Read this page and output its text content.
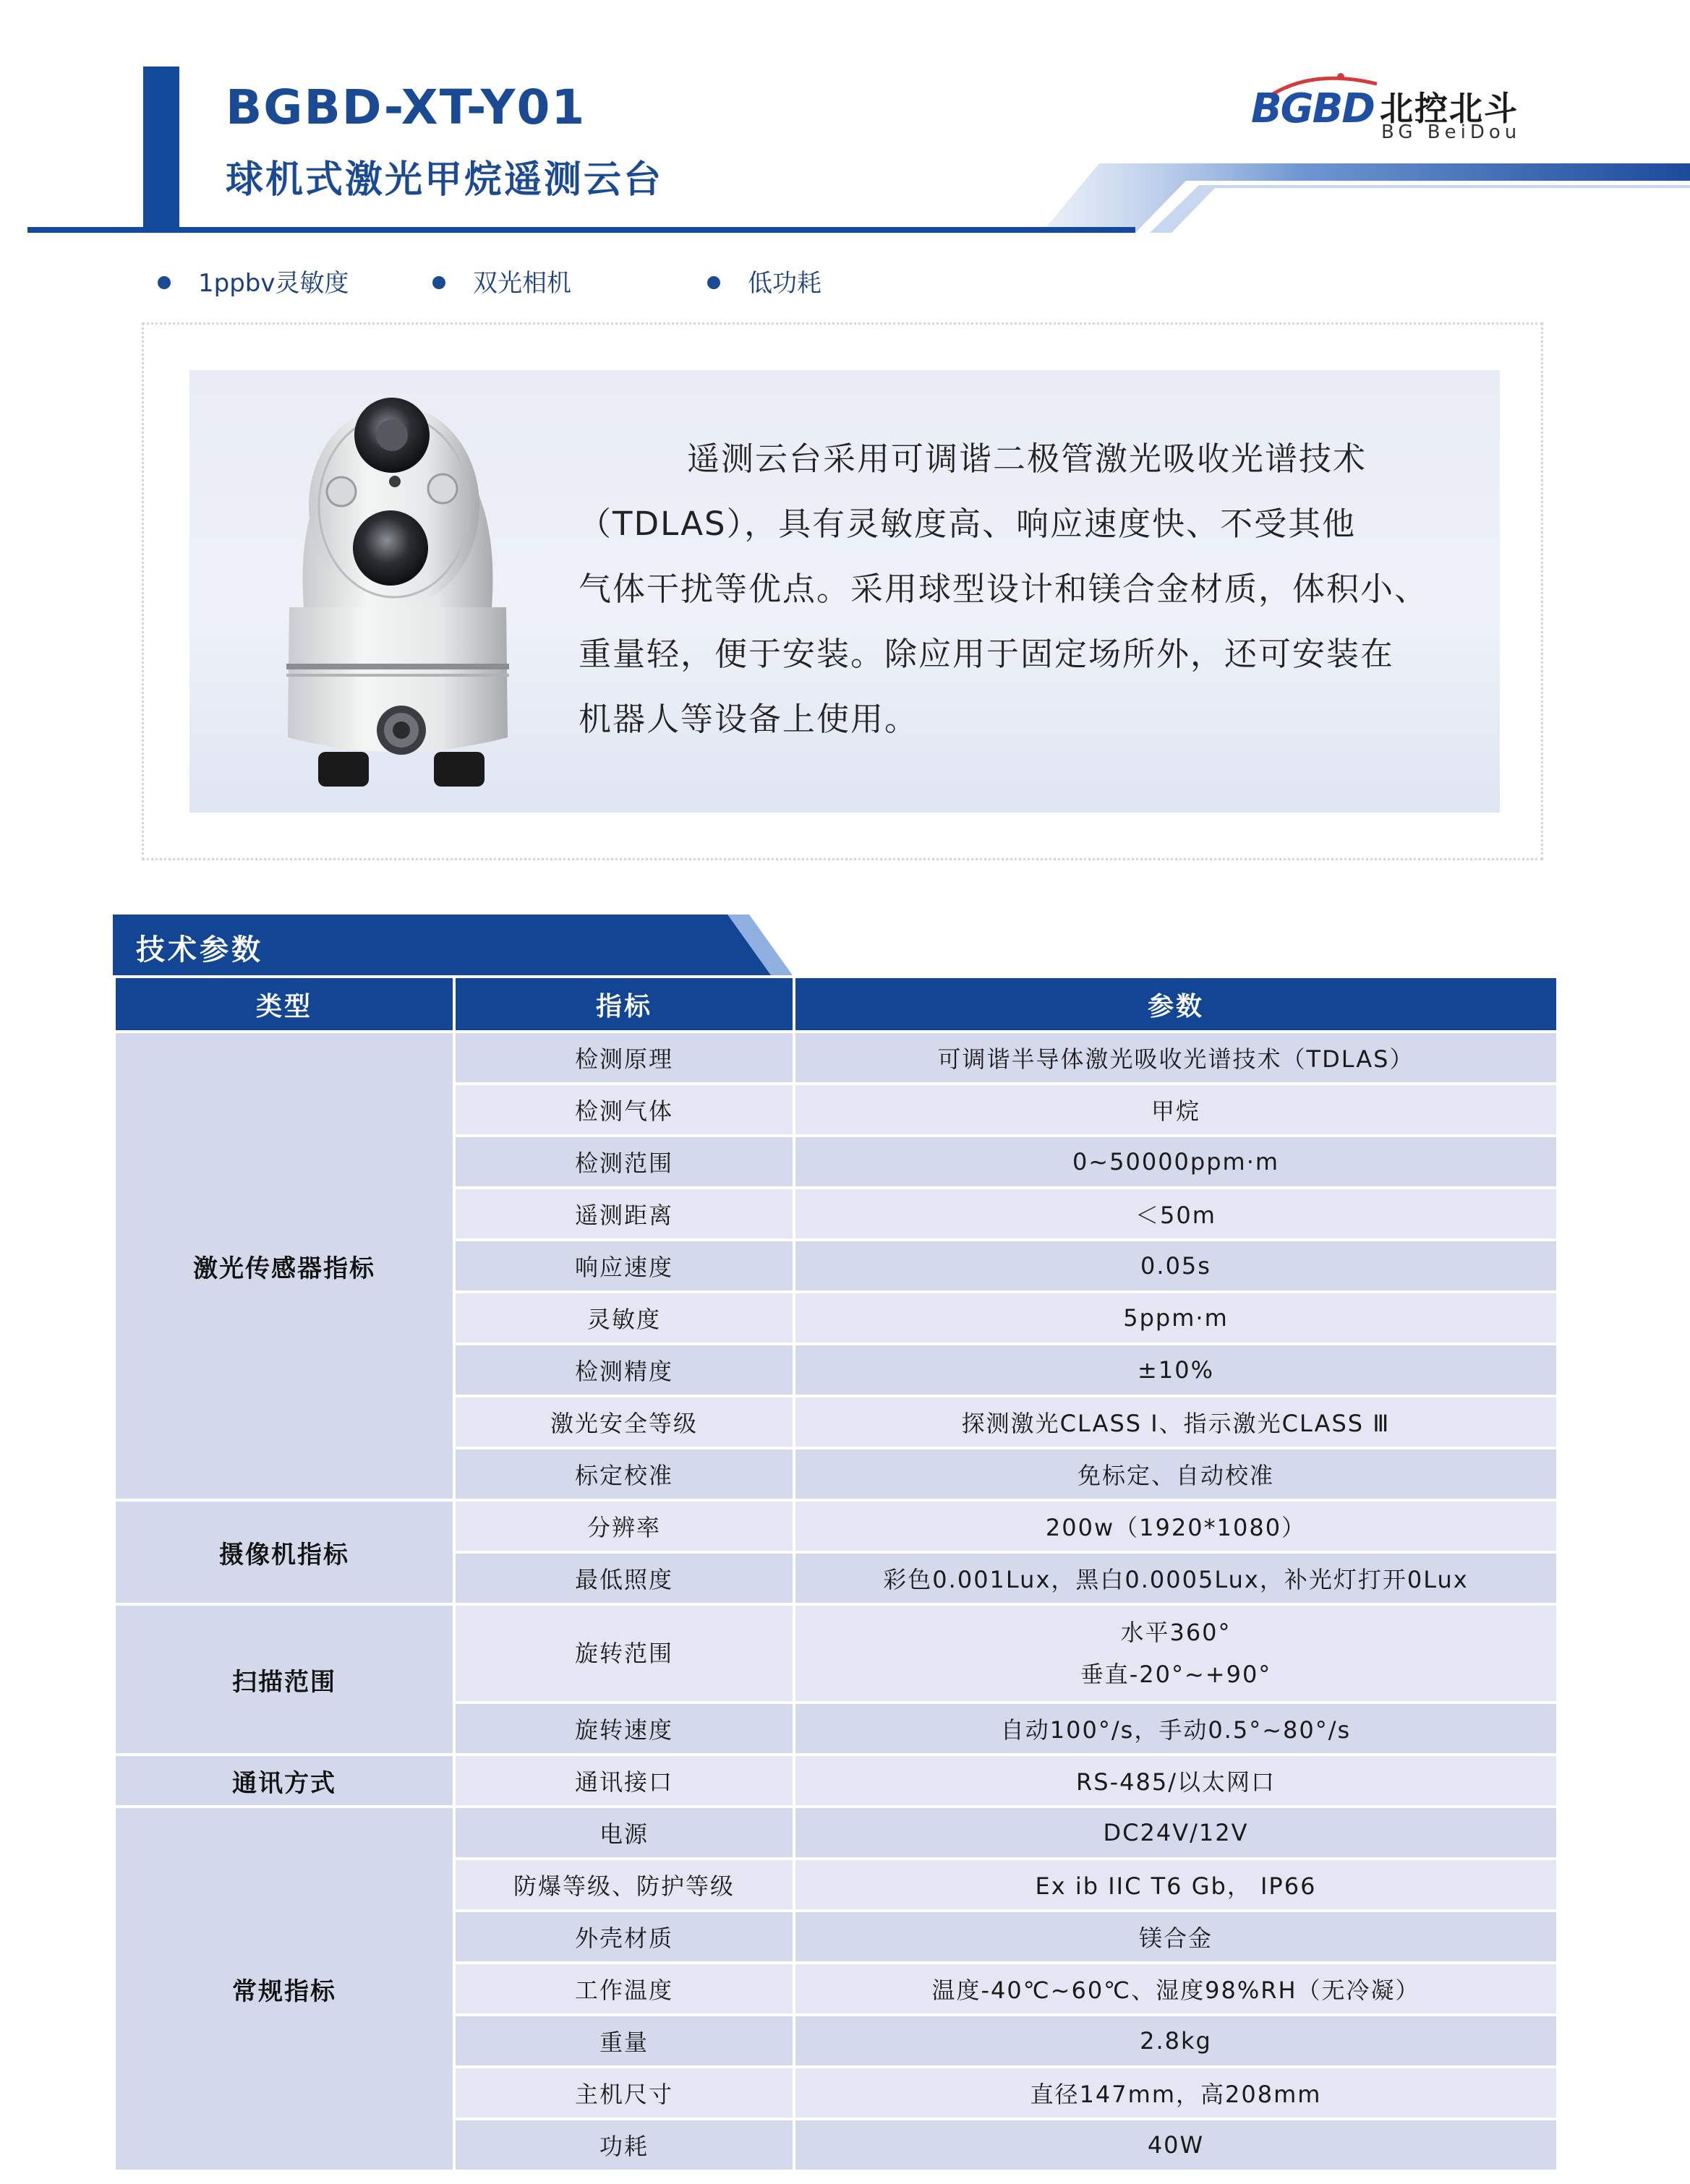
BGBD-XT-Y01
球机式激光甲烷遥测云台
BGBD 北控北斗
BG BeiDou
1ppbv灵敏度	双光相机	低功耗
遥测云台采用可调谐二极管激光吸收光谱技术
（TDLAS），具有灵敏度高、响应速度快、不受其他
气体干扰等优点。采用球型设计和镁合金材质，体积小、
重量轻，便于安装。除应用于固定场所外，还可安装在
机器人等设备上使用。
技术参数
类型	指标	参数
激光传感器指标	检测原理	可调谐半导体激光吸收光谱技术（TDLAS）
	检测气体	甲烷
	检测范围	0~50000ppm·m
	遥测距离	＜50m
	响应速度	0.05s
	灵敏度	5ppm·m
	检测精度	±10%
	激光安全等级	探测激光CLASS Ⅰ、指示激光CLASS Ⅲ
	标定校准	免标定、自动校准
摄像机指标	分辨率	200w（1920*1080）
	最低照度	彩色0.001Lux，黑白0.0005Lux，补光灯打开0Lux
扫描范围	旋转范围	水平360°
垂直-20°~+90°
	旋转速度	自动100°/s，手动0.5°~80°/s
通讯方式	通讯接口	RS-485/以太网口
常规指标	电源	DC24V/12V
	防爆等级、防护等级	Ex ib IIC T6 Gb， IP66
	外壳材质	镁合金
	工作温度	温度-40℃~60℃、湿度98%RH（无冷凝）
	重量	2.8kg
	主机尺寸	直径147mm，高208mm
	功耗	40W
